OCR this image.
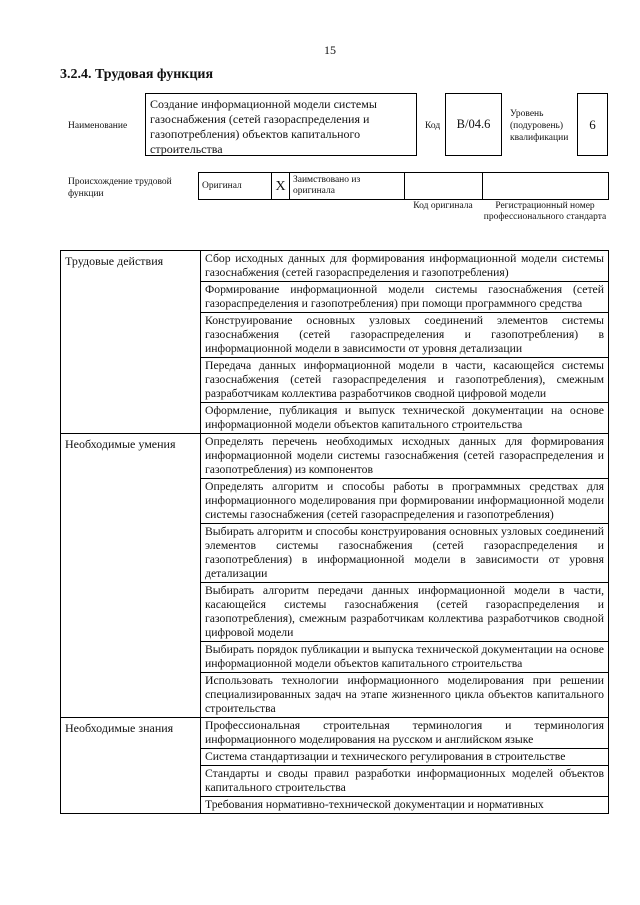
15
3.2.4. Трудовая функция
Наименование
Создание информационной модели системы газоснабжения (сетей газораспределения и газопотребления) объектов капитального строительства
Код	B/04.6
Уровень (подуровень) квалификации
6
Происхождение трудовой функции
Оригинал	X	Заимствовано из оригинала		
Код оригинала	Регистрационный номер профессионального стандарта
Трудовые действия	Сбор исходных данных для формирования информационной модели системы газоснабжения (сетей газораспределения и газопотребления)
	Формирование информационной модели системы газоснабжения (сетей газораспределения и газопотребления) при помощи программного средства
	Конструирование основных узловых соединений элементов системы газоснабжения (сетей газораспределения и газопотребления) в информационной модели в зависимости от уровня детализации
	Передача данных информационной модели в части, касающейся системы газоснабжения (сетей газораспределения и газопотребления), смежным разработчикам коллектива разработчиков сводной цифровой модели
	Оформление, публикация и выпуск технической документации на основе информационной модели объектов капитального строительства
Необходимые умения	Определять перечень необходимых исходных данных для формирования информационной модели системы газоснабжения (сетей газораспределения и газопотребления) из компонентов
	Определять алгоритм и способы работы в программных средствах для информационного моделирования при формировании информационной модели системы газоснабжения (сетей газораспределения и газопотребления)
	Выбирать алгоритм и способы конструирования основных узловых соединений элементов системы газоснабжения (сетей газораспределения и газопотребления) в информационной модели в зависимости от уровня детализации
	Выбирать алгоритм передачи данных информационной модели в части, касающейся системы газоснабжения (сетей газораспределения и газопотребления), смежным разработчикам коллектива разработчиков сводной цифровой модели
	Выбирать порядок публикации и выпуска технической документации на основе информационной модели объектов капитального строительства
	Использовать технологии информационного моделирования при решении специализированных задач на этапе жизненного цикла объектов капитального строительства
Необходимые знания	Профессиональная строительная терминология и терминология информационного моделирования на русском и английском языке
	Система стандартизации и технического регулирования в строительстве
	Стандарты и своды правил разработки информационных моделей объектов капитального строительства
	Требования нормативно-технической документации и нормативных
